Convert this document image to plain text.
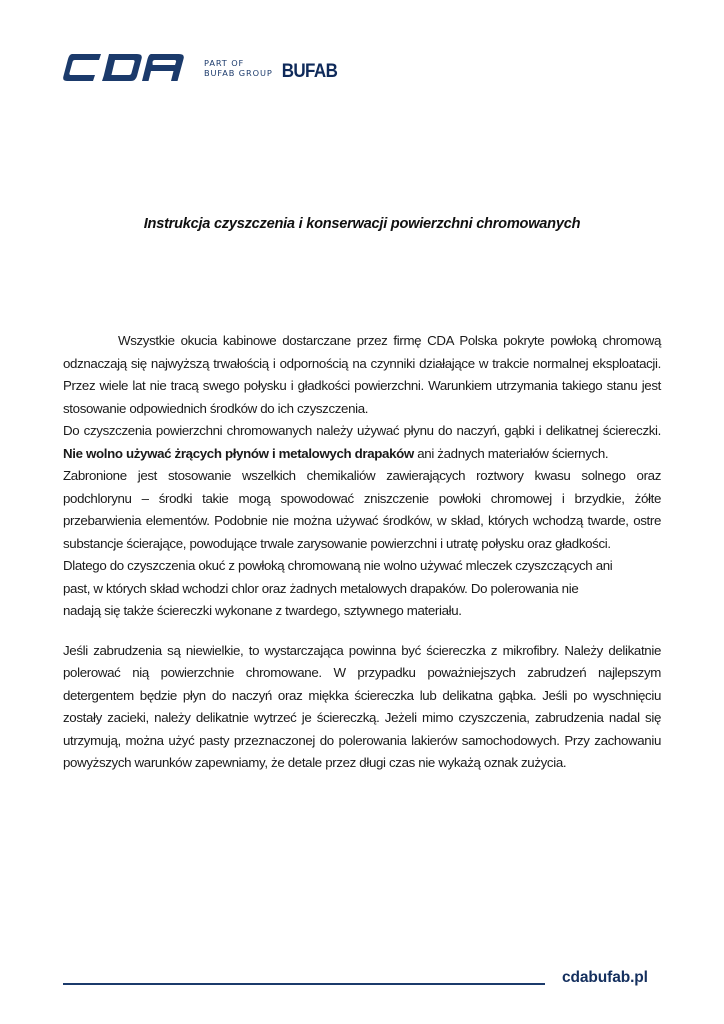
PART OF
BUFAB GROUP BUFAB
Instrukcja czyszczenia i konserwacji powierzchni chromowanych

Wszystkie okucia kabinowe dostarczane przez firmę CDA Polska pokryte powłoką chromową odznaczają się najwyższą trwałością i odpornością na czynniki działające w trakcie normalnej eksploatacji. Przez wiele lat nie tracą swego połysku i gładkości powierzchni. Warunkiem utrzymania takiego stanu jest stosowanie odpowiednich środków do ich czyszczenia.

Do czyszczenia powierzchni chromowanych należy używać płynu do naczyń, gąbki i delikatnej ściereczki. Nie wolno używać żrących płynów i metalowych drapaków ani żadnych materiałów ściernych.

Zabronione jest stosowanie wszelkich chemikaliów zawierających roztwory kwasu solnego oraz podchlorynu – środki takie mogą spowodować zniszczenie powłoki chromowej i brzydkie, żółte przebarwienia elementów. Podobnie nie można używać środków, w skład, których wchodzą twarde, ostre substancje ścierające, powodujące trwale zarysowanie powierzchni i utratę połysku oraz gładkości.

Dlatego do czyszczenia okuć z powłoką chromowaną nie wolno używać mleczek czyszczących ani
past, w których skład wchodzi chlor oraz żadnych metalowych drapaków. Do polerowania nie
nadają się także ściereczki wykonane z twardego, sztywnego materiału.

Jeśli zabrudzenia są niewielkie, to wystarczająca powinna być ściereczka z mikrofibry. Należy delikatnie polerować nią powierzchnie chromowane. W przypadku poważniejszych zabrudzeń najlepszym detergentem będzie płyn do naczyń oraz miękka ściereczka lub delikatna gąbka. Jeśli po wyschnięciu zostały zacieki, należy delikatnie wytrzeć je ściereczką. Jeżeli mimo czyszczenia, zabrudzenia nadal się utrzymują, można użyć pasty przeznaczonej do polerowania lakierów samochodowych. Przy zachowaniu powyższych warunków zapewniamy, że detale przez długi czas nie wykażą oznak zużycia.

cdabufab.pl
